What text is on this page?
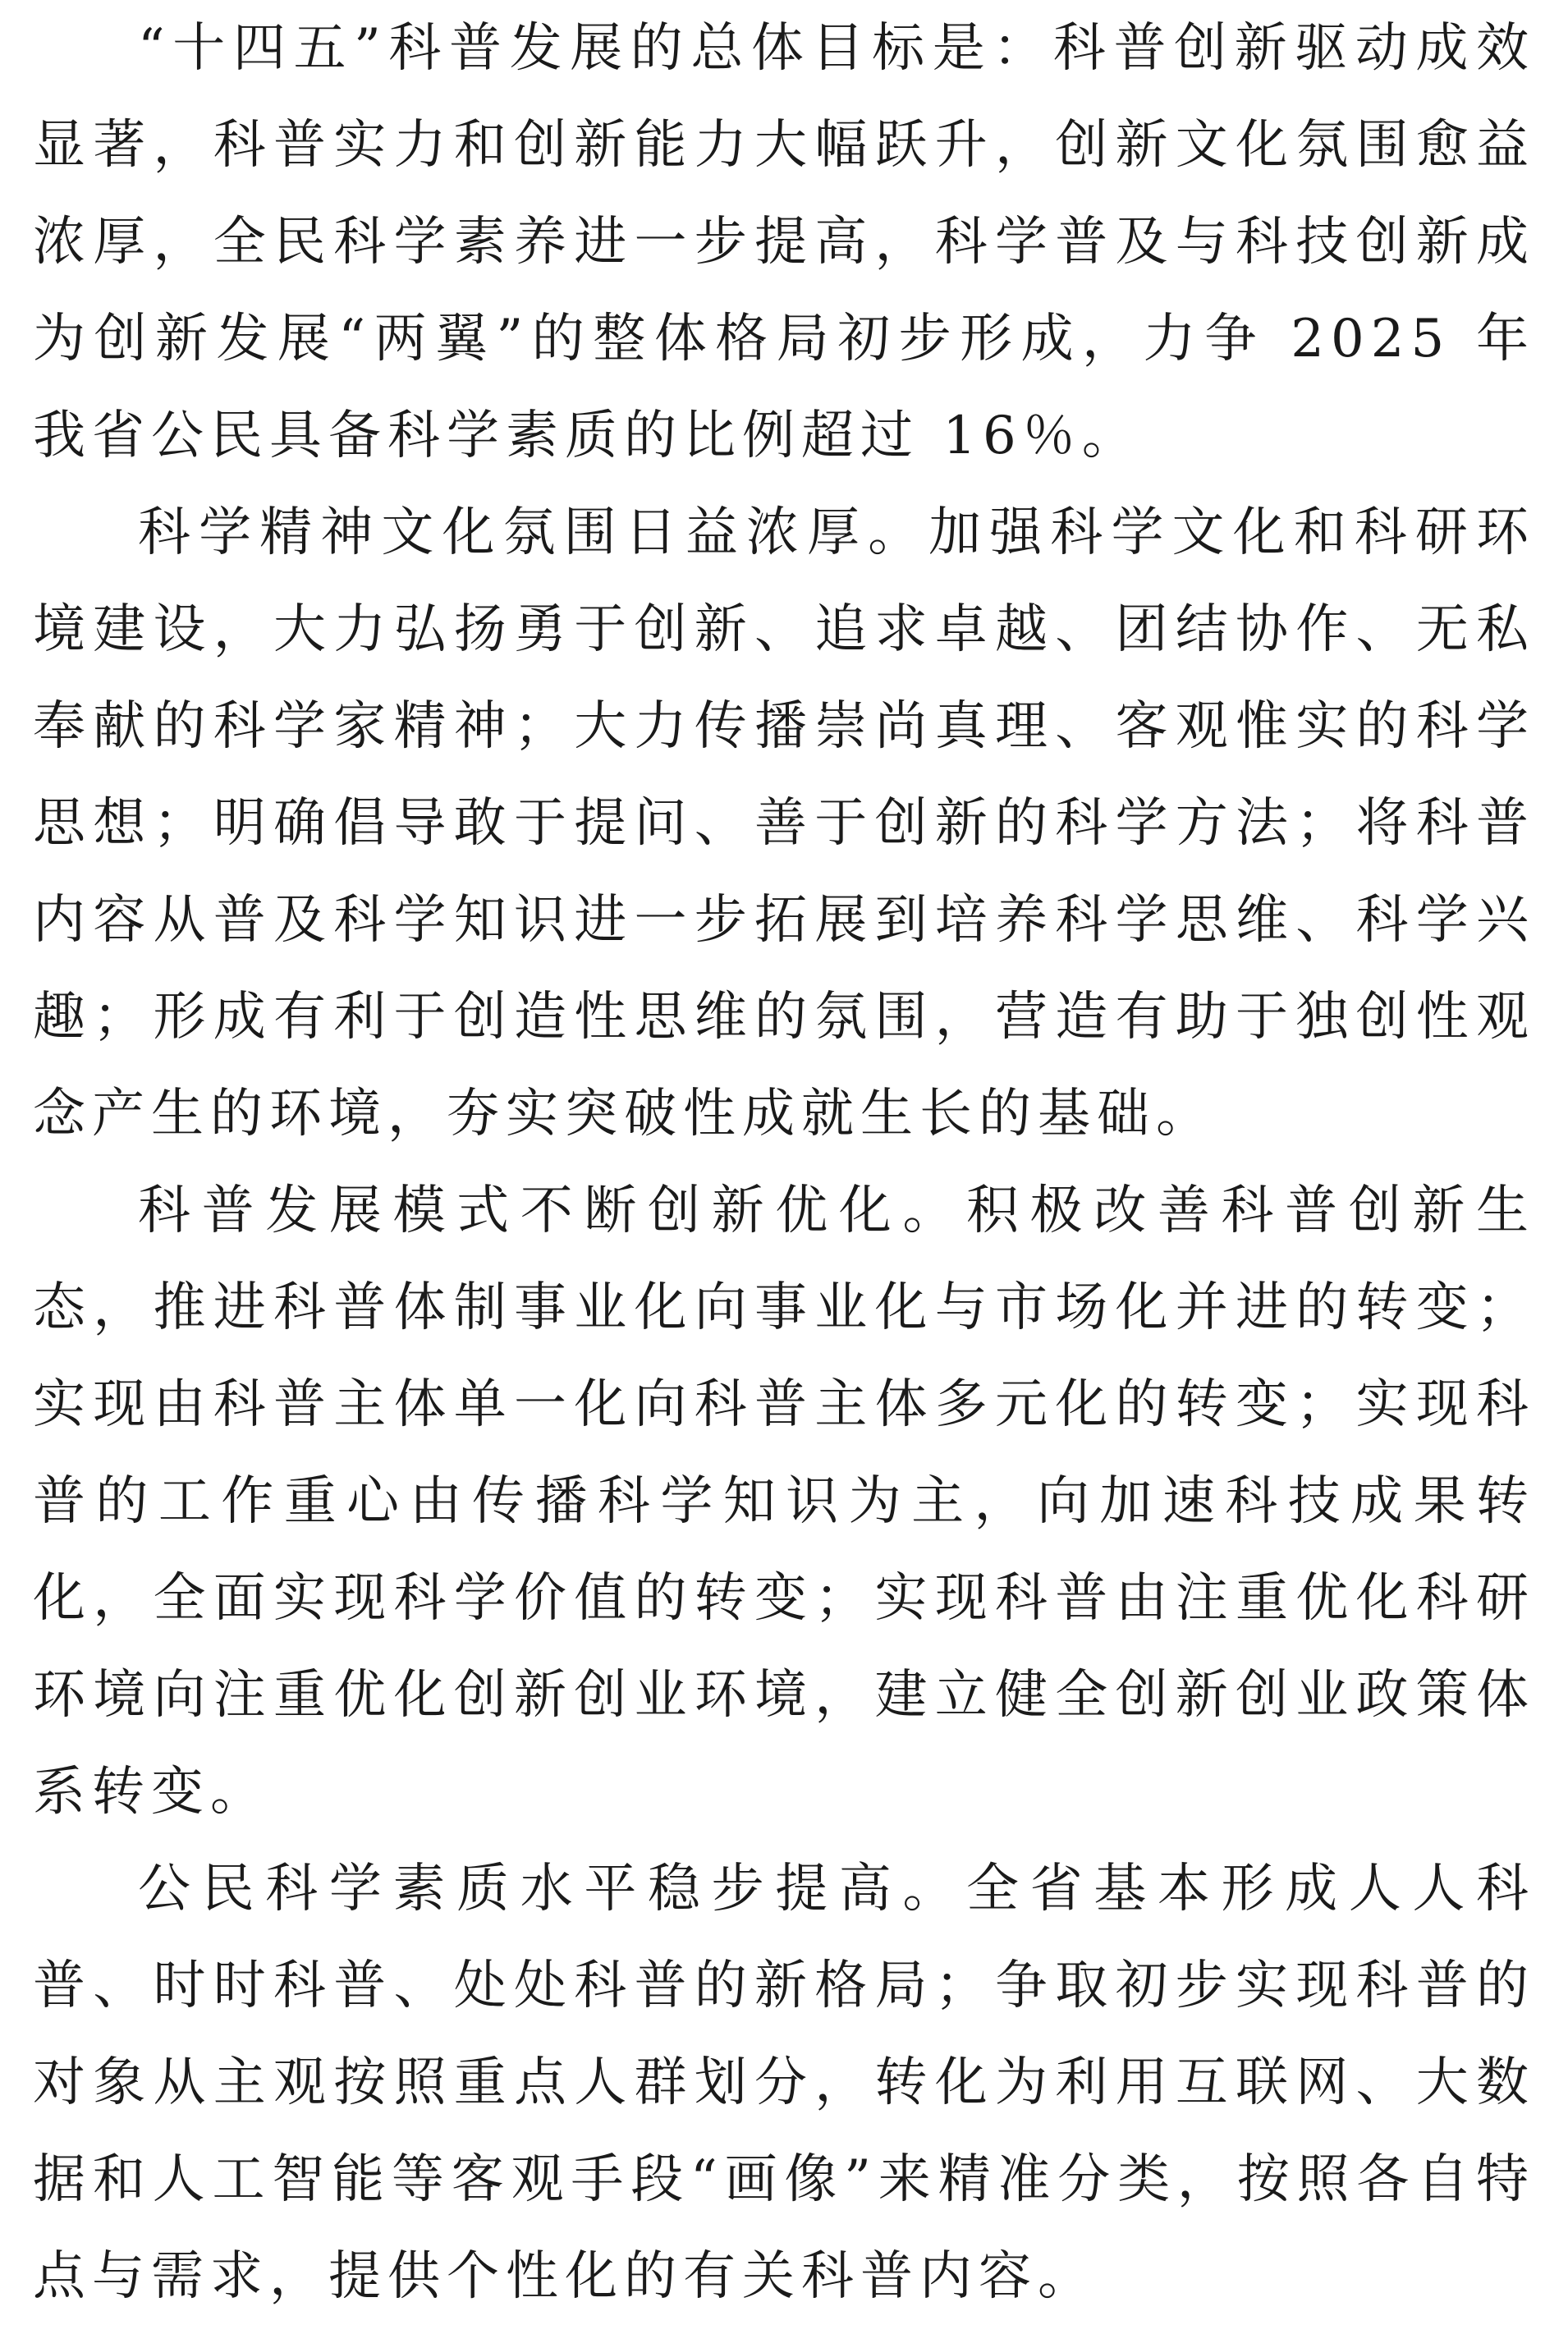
“十四五”科普发展的总体目标是：科普创新驱动成效显著，科普实力和创新能力大幅跃升，创新文化氛围愈益浓厚，全民科学素养进一步提高，科学普及与科技创新成为创新发展“两翼”的整体格局初步形成，力争 2025 年我省公民具备科学素质的比例超过 16％。

科学精神文化氛围日益浓厚。加强科学文化和科研环境建设，大力弘扬勇于创新、追求卓越、团结协作、无私奉献的科学家精神；大力传播崇尚真理、客观惟实的科学思想；明确倡导敢于提问、善于创新的科学方法；将科普内容从普及科学知识进一步拓展到培养科学思维、科学兴趣；形成有利于创造性思维的氛围，营造有助于独创性观念产生的环境，夯实突破性成就生长的基础。

科普发展模式不断创新优化。积极改善科普创新生态，推进科普体制事业化向事业化与市场化并进的转变；实现由科普主体单一化向科普主体多元化的转变；实现科普的工作重心由传播科学知识为主，向加速科技成果转化，全面实现科学价值的转变；实现科普由注重优化科研环境向注重优化创新创业环境，建立健全创新创业政策体系转变。

公民科学素质水平稳步提高。全省基本形成人人科普、时时科普、处处科普的新格局；争取初步实现科普的对象从主观按照重点人群划分，转化为利用互联网、大数据和人工智能等客观手段“画像”来精准分类，按照各自特点与需求，提供个性化的有关科普内容。
